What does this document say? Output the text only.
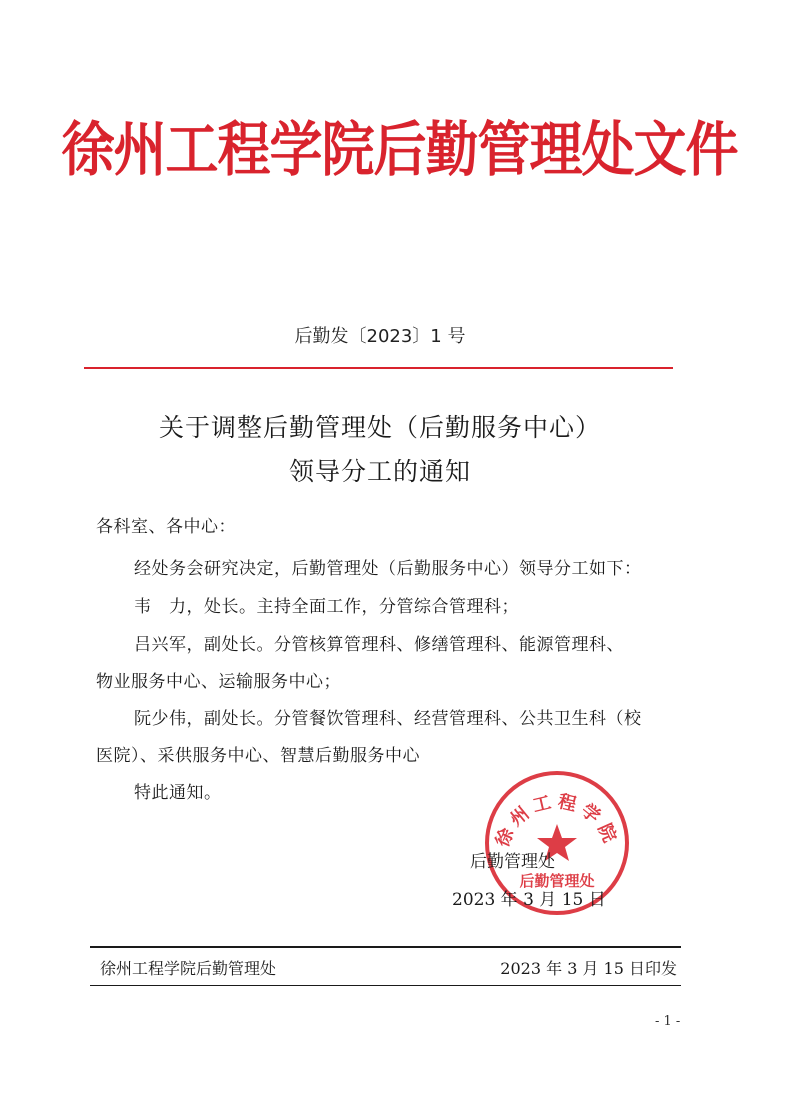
徐州工程学院后勤管理处文件
后勤发〔2023〕1 号
关于调整后勤管理处（后勤服务中心）
领导分工的通知
各科室、各中心：
经处务会研究决定，后勤管理处（后勤服务中心）领导分工如下：
韦　力，处长。主持全面工作，分管综合管理科；
吕兴军，副处长。分管核算管理科、修缮管理科、能源管理科、
物业服务中心、运输服务中心；
阮少伟，副处长。分管餐饮管理科、经营管理科、公共卫生科（校
医院）、采供服务中心、智慧后勤服务中心
特此通知。
徐州工程学院
后勤管理处
后勤管理处
2023 年 3 月 15 日
徐州工程学院后勤管理处	2023 年 3 月 15 日印发
- 1 -
